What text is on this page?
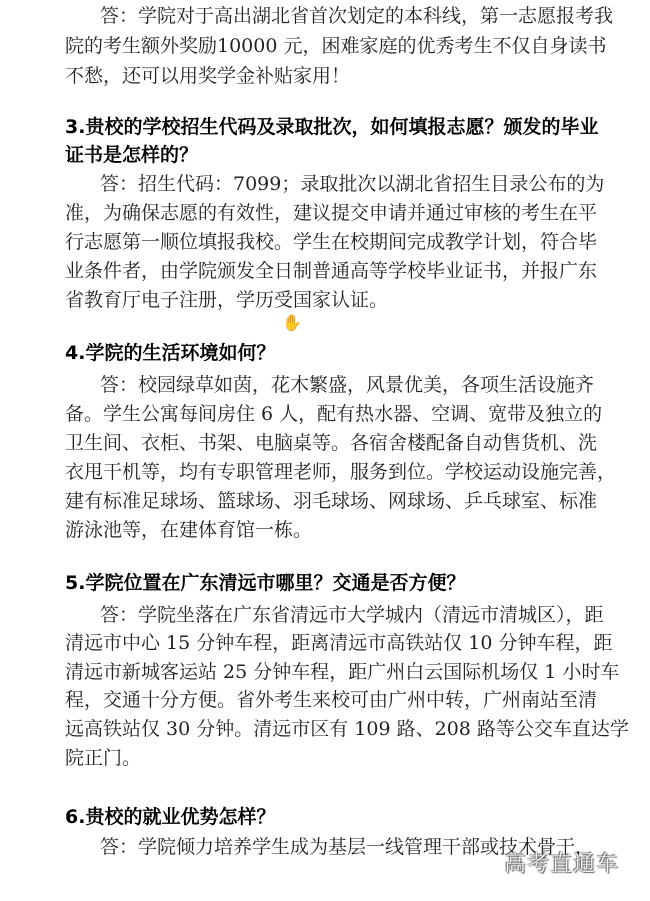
答：学院对于高出湖北省首次划定的本科线，第一志愿报考我
院的考生额外奖励10000 元，困难家庭的优秀考生不仅自身读书
不愁，还可以用奖学金补贴家用！
3.贵校的学校招生代码及录取批次，如何填报志愿？颁发的毕业
证书是怎样的？
答：招生代码：7099；录取批次以湖北省招生目录公布的为
准，为确保志愿的有效性，建议提交申请并通过审核的考生在平
行志愿第一顺位填报我校。学生在校期间完成教学计划，符合毕
业条件者，由学院颁发全日制普通高等学校毕业证书，并报广东
省教育厅电子注册，学历受国家认证。
✋
4.学院的生活环境如何？
答：校园绿草如茵，花木繁盛，风景优美，各项生活设施齐
备。学生公寓每间房住 6 人，配有热水器、空调、宽带及独立的
卫生间、衣柜、书架、电脑桌等。各宿舍楼配备自动售货机、洗
衣甩干机等，均有专职管理老师，服务到位。学校运动设施完善，
建有标准足球场、篮球场、羽毛球场、网球场、乒乓球室、标准
游泳池等，在建体育馆一栋。
5.学院位置在广东清远市哪里？交通是否方便？
答：学院坐落在广东省清远市大学城内（清远市清城区），距
清远市中心 15 分钟车程，距离清远市高铁站仅 10 分钟车程，距
清远市新城客运站 25 分钟车程，距广州白云国际机场仅 1 小时车
程，交通十分方便。省外考生来校可由广州中转，广州南站至清
远高铁站仅 30 分钟。清远市区有 109 路、208 路等公交车直达学
院正门。
6.贵校的就业优势怎样？
答：学院倾力培养学生成为基层一线管理干部或技术骨干，
高考直通车
